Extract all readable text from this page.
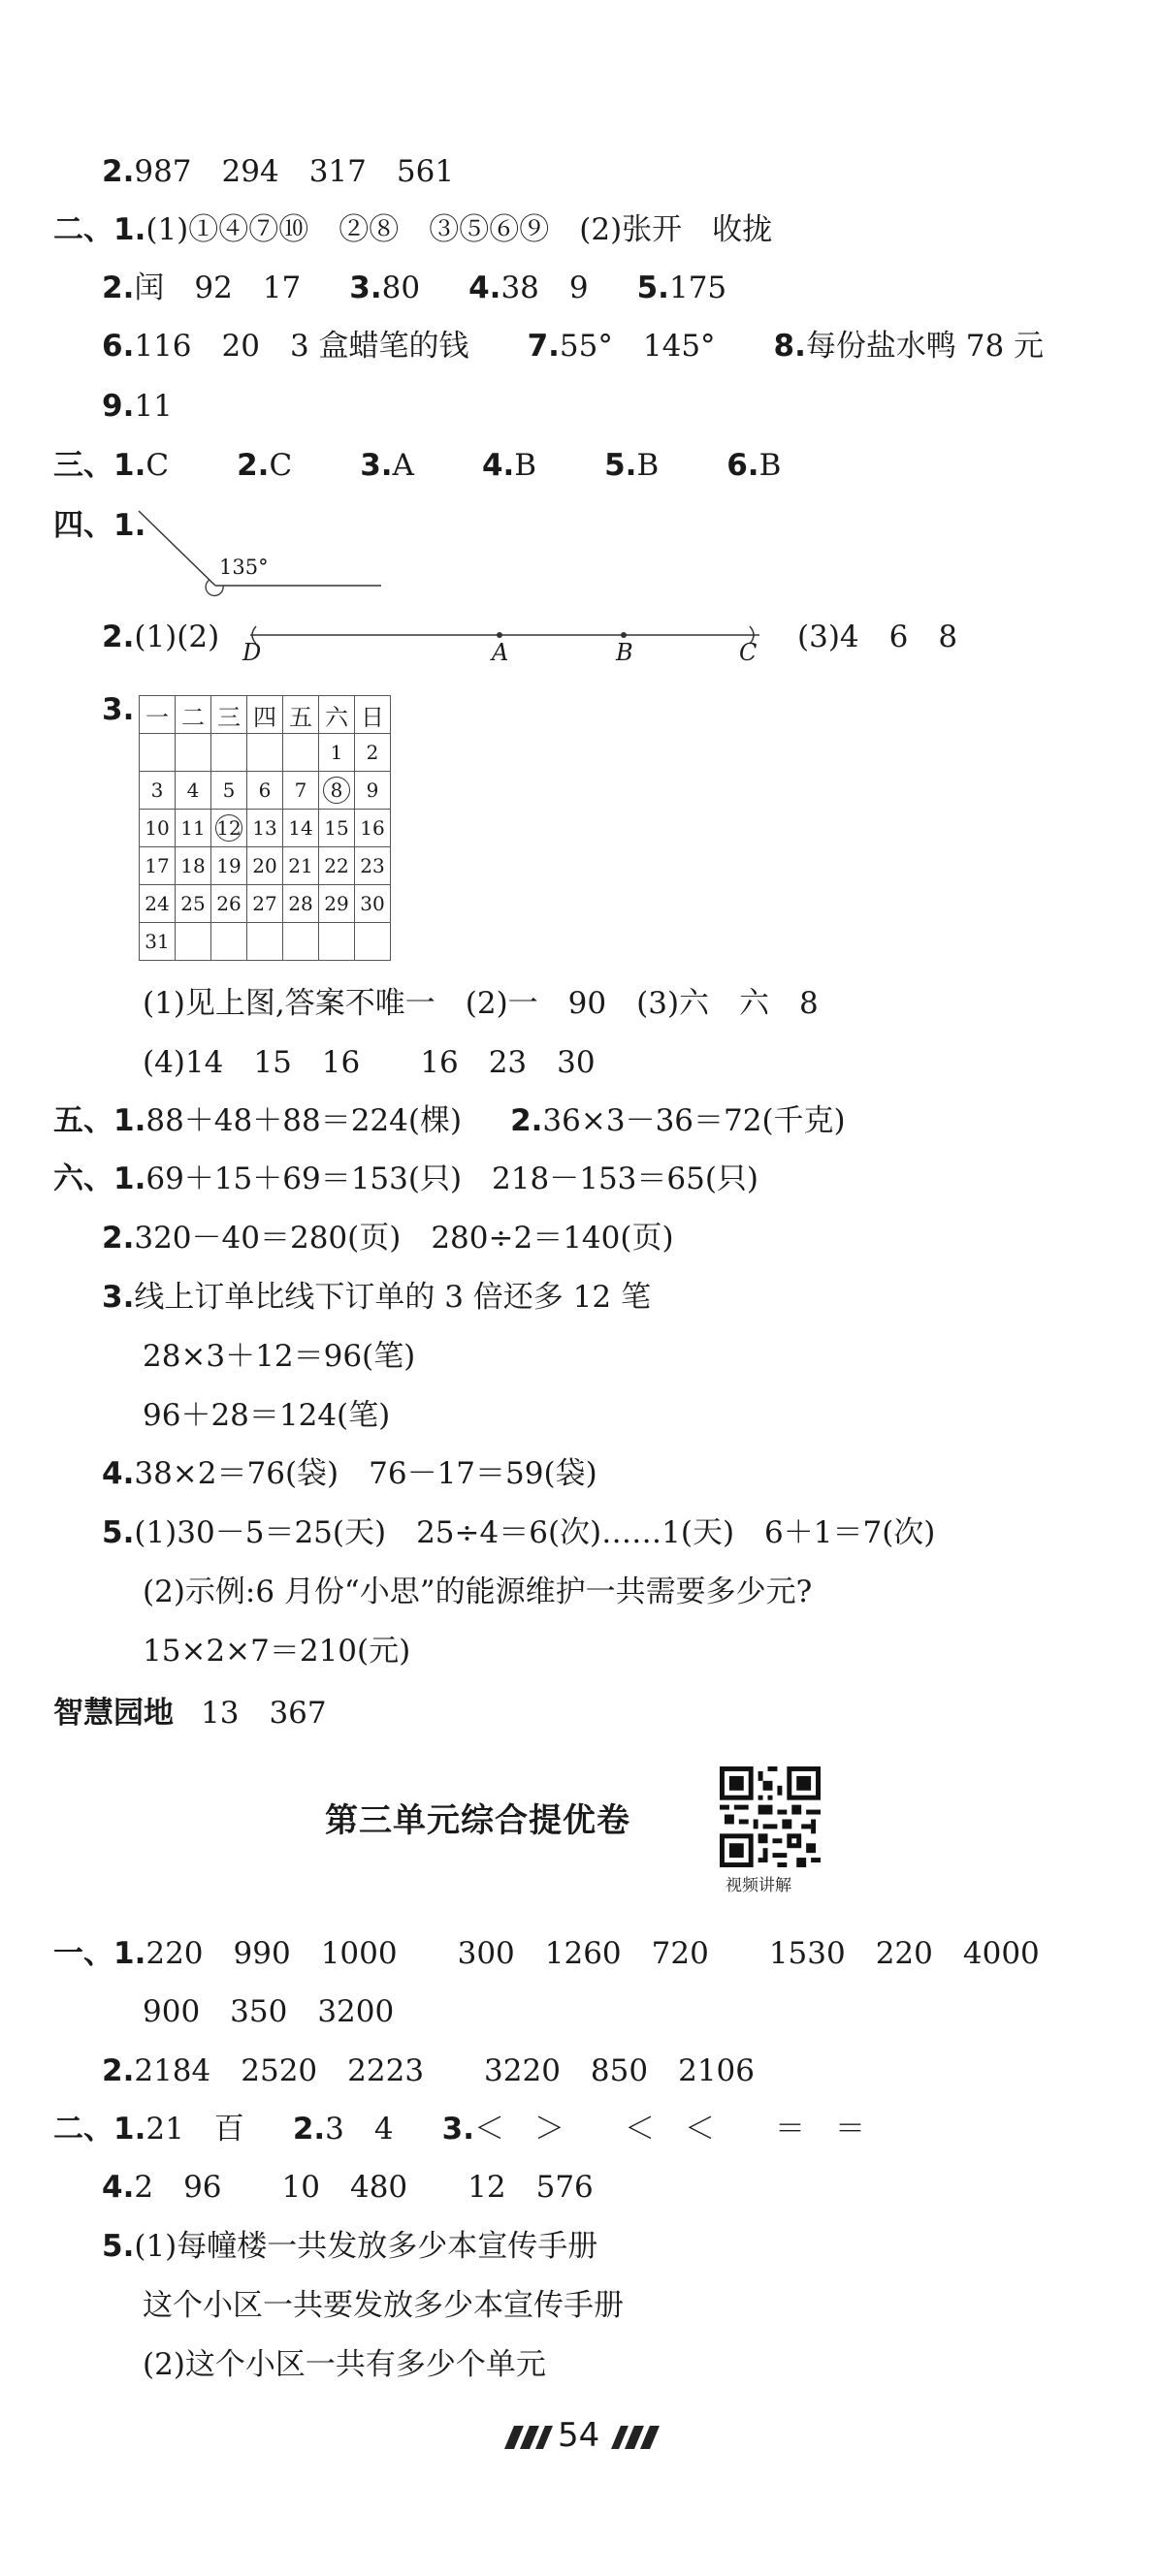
2.987　294　317　561
二、1.(1)①④⑦⑩　②⑧　③⑤⑥⑨　(2)张开　收拢
2.闰　92　17 3.80 4.38　9 5.175
6.116　20　3 盒蜡笔的钱 7.55°　145° 8.每份盐水鸭 78 元
9.11
三、1.C 2.C 3.A 4.B 5.B 6.B
四、1.
135°
2.(1)(2) D	A	B	C (3)4　6　8
3. 一	二	三	四	五	六	日
					1	2
3	4	5	6	7	8	9
10	11	12	13	14	15	16
17	18	19	20	21	22	23
24	25	26	27	28	29	30
31						
(1)见上图,答案不唯一　(2)一　90　(3)六　六　8
(4)14　15　16　　16　23　30
五、1.88＋48＋88＝224(棵) 2.36×3－36＝72(千克)
六、1.69＋15＋69＝153(只)　218－153＝65(只)
2.320－40＝280(页)　280÷2＝140(页)
3.线上订单比线下订单的 3 倍还多 12 笔
28×3＋12＝96(笔)
96＋28＝124(笔)
4.38×2＝76(袋)　76－17＝59(袋)
5.(1)30－5＝25(天)　25÷4＝6(次)……1(天)　6＋1＝7(次)
(2)示例:6 月份“小思”的能源维护一共需要多少元?
15×2×7＝210(元)
智慧园地 13　367
第三单元综合提优卷
视频讲解
一、1.220　990　1000　　300　1260　720　　1530　220　4000
900　350　3200
2.2184　2520　2223　　3220　850　2106
二、1.21　百 2.3　4 3.＜　＞　　＜　＜　　＝　＝
4.2　96　　10　480　　12　576
5.(1)每幢楼一共发放多少本宣传手册
这个小区一共要发放多少本宣传手册
(2)这个小区一共有多少个单元
54
